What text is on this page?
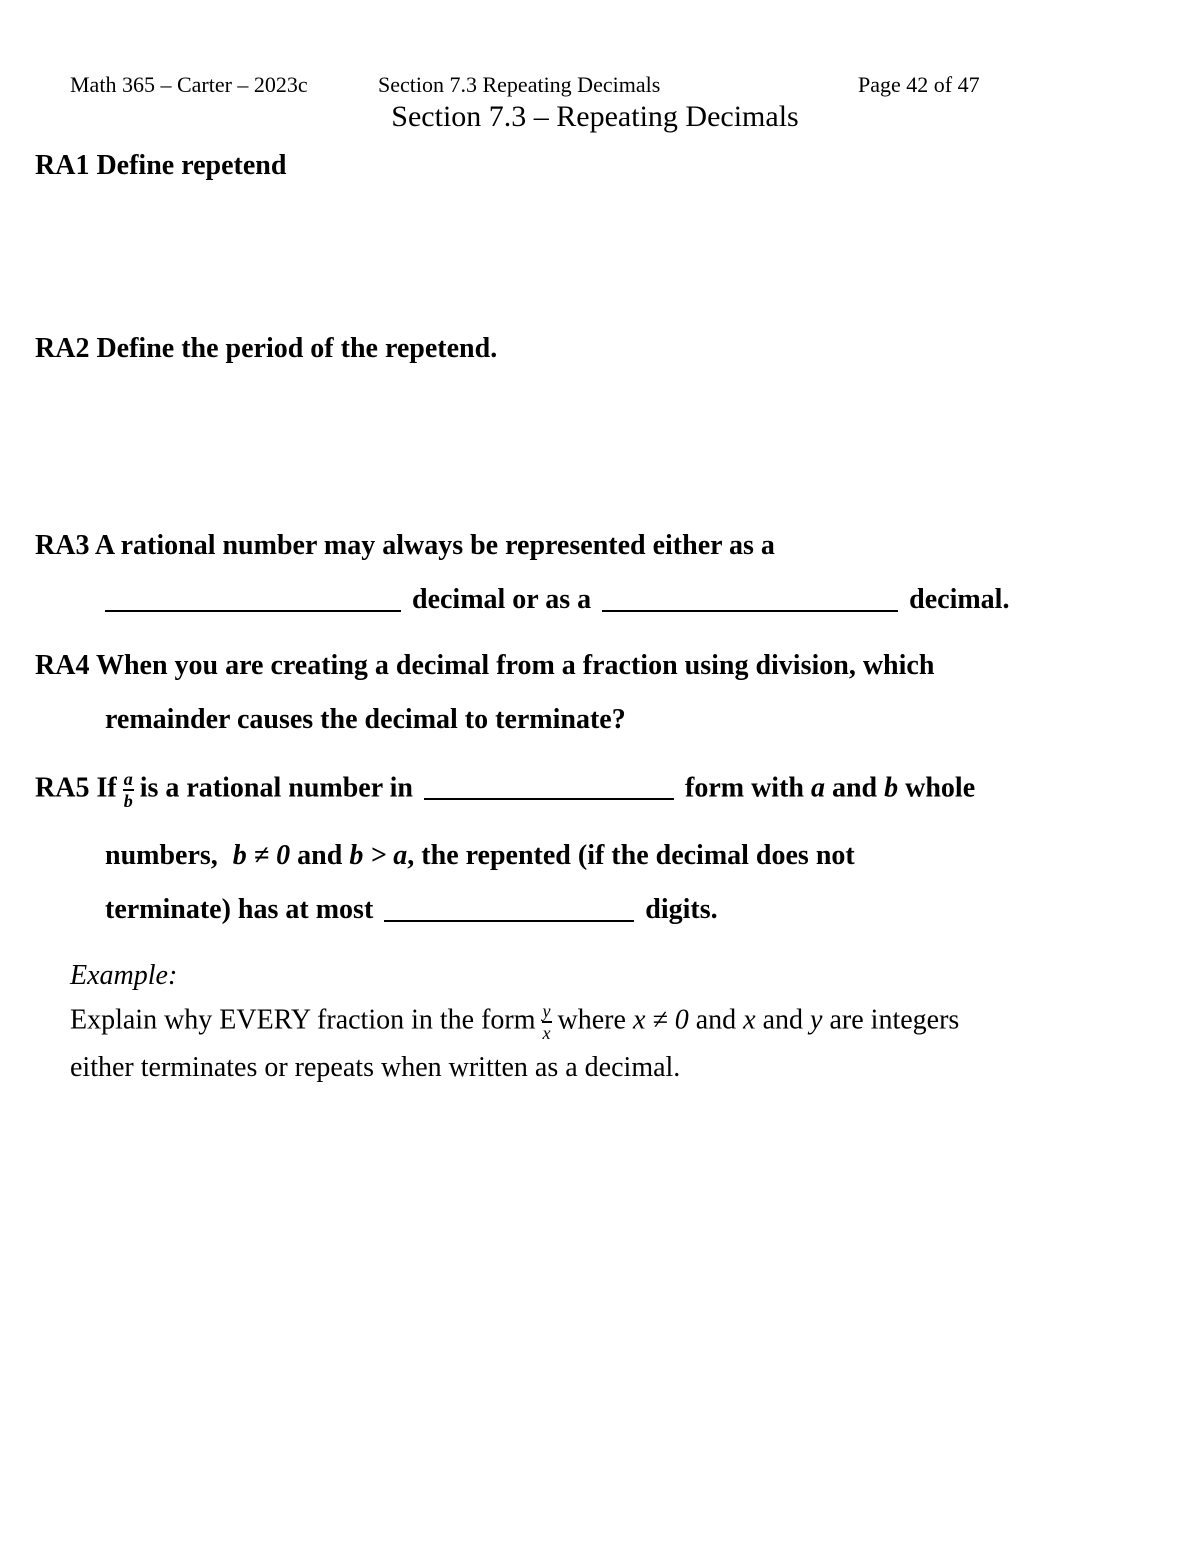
Math 365 – Carter – 2023c	Section 7.3 Repeating Decimals	Page 42 of 47
Section 7.3 – Repeating Decimals
RA1 Define repetend
RA2 Define the period of the repetend.
RA3 A rational number may always be represented either as a
decimal or as a	decimal.
RA4 When you are creating a decimal from a fraction using division, which
remainder causes the decimal to terminate?
RA5 If $\frac{a}{b}$ is a rational number in	form with a and b whole
numbers, b ≠ 0 and b > a, the repented (if the decimal does not
terminate) has at most	digits.
Example:
Explain why EVERY fraction in the form $\frac{y}{x}$ where x ≠ 0 and x and y are integers
either terminates or repeats when written as a decimal.
